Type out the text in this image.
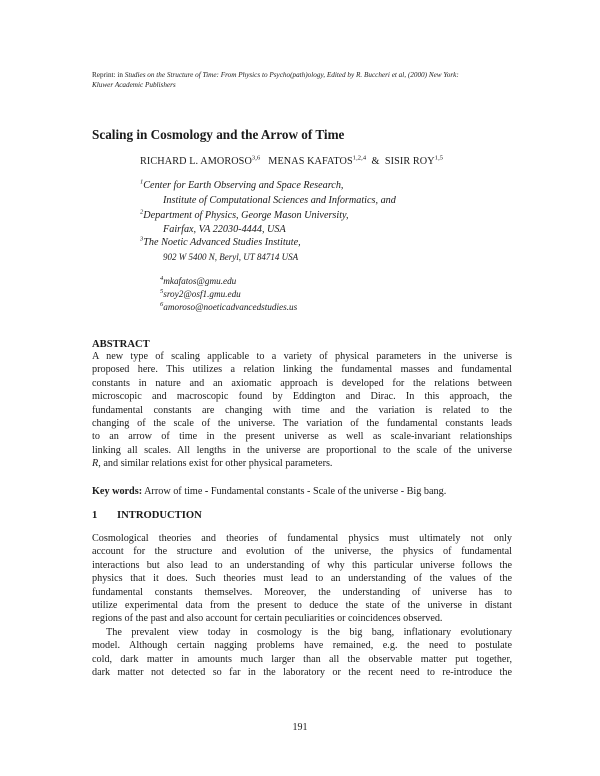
Reprint: in Studies on the Structure of Time: From Physics to Psycho(path)ology, Edited by R. Buccheri et al, (2000) New York:
Kluwer Academic Publishers
Scaling in Cosmology and the Arrow of Time
RICHARD L. AMOROSO$^{3,6}$ MENAS KAFATOS$^{1,2,4}$ & SISIR ROY$^{1,5}$
$^1$Center for Earth Observing and Space Research,
Institute of Computational Sciences and Informatics, and
$^2$Department of Physics, George Mason University,
Fairfax, VA 22030-4444, USA
$^3$The Noetic Advanced Studies Institute,
902 W 5400 N, Beryl, UT 84714 USA
$^4$mkafatos@gmu.edu
$^5$sroy2@osf1.gmu.edu
$^6$amoroso@noeticadvancedstudies.us
ABSTRACT
A new type of scaling applicable to a variety of physical parameters in the universe is
proposed here. This utilizes a relation linking the fundamental masses and fundamental
constants in nature and an axiomatic approach is developed for the relations between
microscopic and macroscopic found by Eddington and Dirac. In this approach, the
fundamental constants are changing with time and the variation is related to the
changing of the scale of the universe. The variation of the fundamental constants leads
to an arrow of time in the present universe as well as scale-invariant relationships
linking all scales. All lengths in the universe are proportional to the scale of the universe
R, and similar relations exist for other physical parameters.
Key words: Arrow of time - Fundamental constants - Scale of the universe - Big bang.
1 INTRODUCTION
Cosmological theories and theories of fundamental physics must ultimately not only
account for the structure and evolution of the universe, the physics of fundamental
interactions but also lead to an understanding of why this particular universe follows the
physics that it does. Such theories must lead to an understanding of the values of the
fundamental constants themselves. Moreover, the understanding of universe has to
utilize experimental data from the present to deduce the state of the universe in distant
regions of the past and also account for certain peculiarities or coincidences observed.
The prevalent view today in cosmology is the big bang, inflationary evolutionary
model. Although certain nagging problems have remained, e.g. the need to postulate
cold, dark matter in amounts much larger than all the observable matter put together,
dark matter not detected so far in the laboratory or the recent need to re-introduce the
191
